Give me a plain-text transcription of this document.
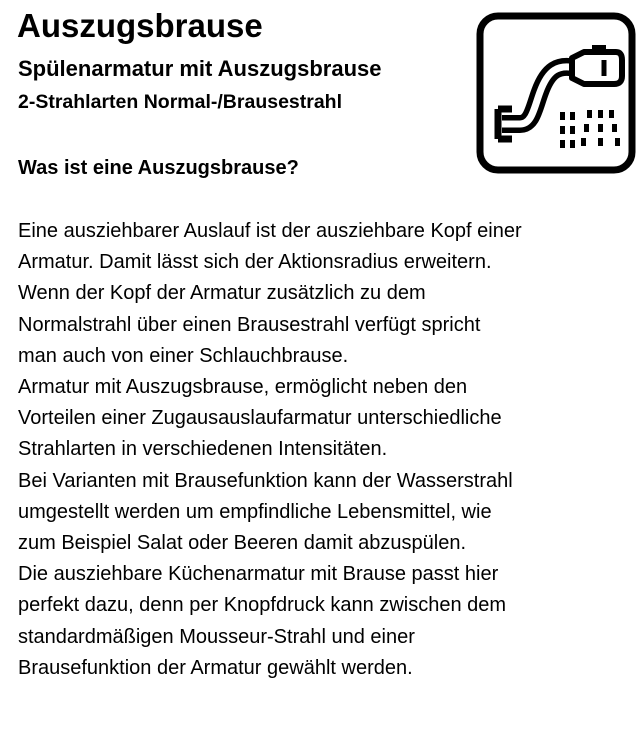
Auszugsbrause
Spülenarmatur mit Auszugsbrause
2-Strahlarten Normal-/Brausestrahl
Was ist eine Auszugsbrause?
Eine ausziehbarer Auslauf ist der ausziehbare Kopf einer
Armatur. Damit lässt sich der Aktionsradius erweitern.
Wenn der Kopf der Armatur zusätzlich zu dem
Normalstrahl über einen Brausestrahl verfügt spricht
man auch von einer Schlauchbrause.
Armatur mit Auszugsbrause, ermöglicht neben den
Vorteilen einer Zugausauslaufarmatur unterschiedliche
Strahlarten in verschiedenen Intensitäten.
Bei Varianten mit Brausefunktion kann der Wasserstrahl
umgestellt werden um empfindliche Lebensmittel, wie
zum Beispiel Salat oder Beeren damit abzuspülen.
Die ausziehbare Küchenarmatur mit Brause passt hier
perfekt dazu, denn per Knopfdruck kann zwischen dem
standardmäßigen Mousseur-Strahl und einer
Brausefunktion der Armatur gewählt werden.
